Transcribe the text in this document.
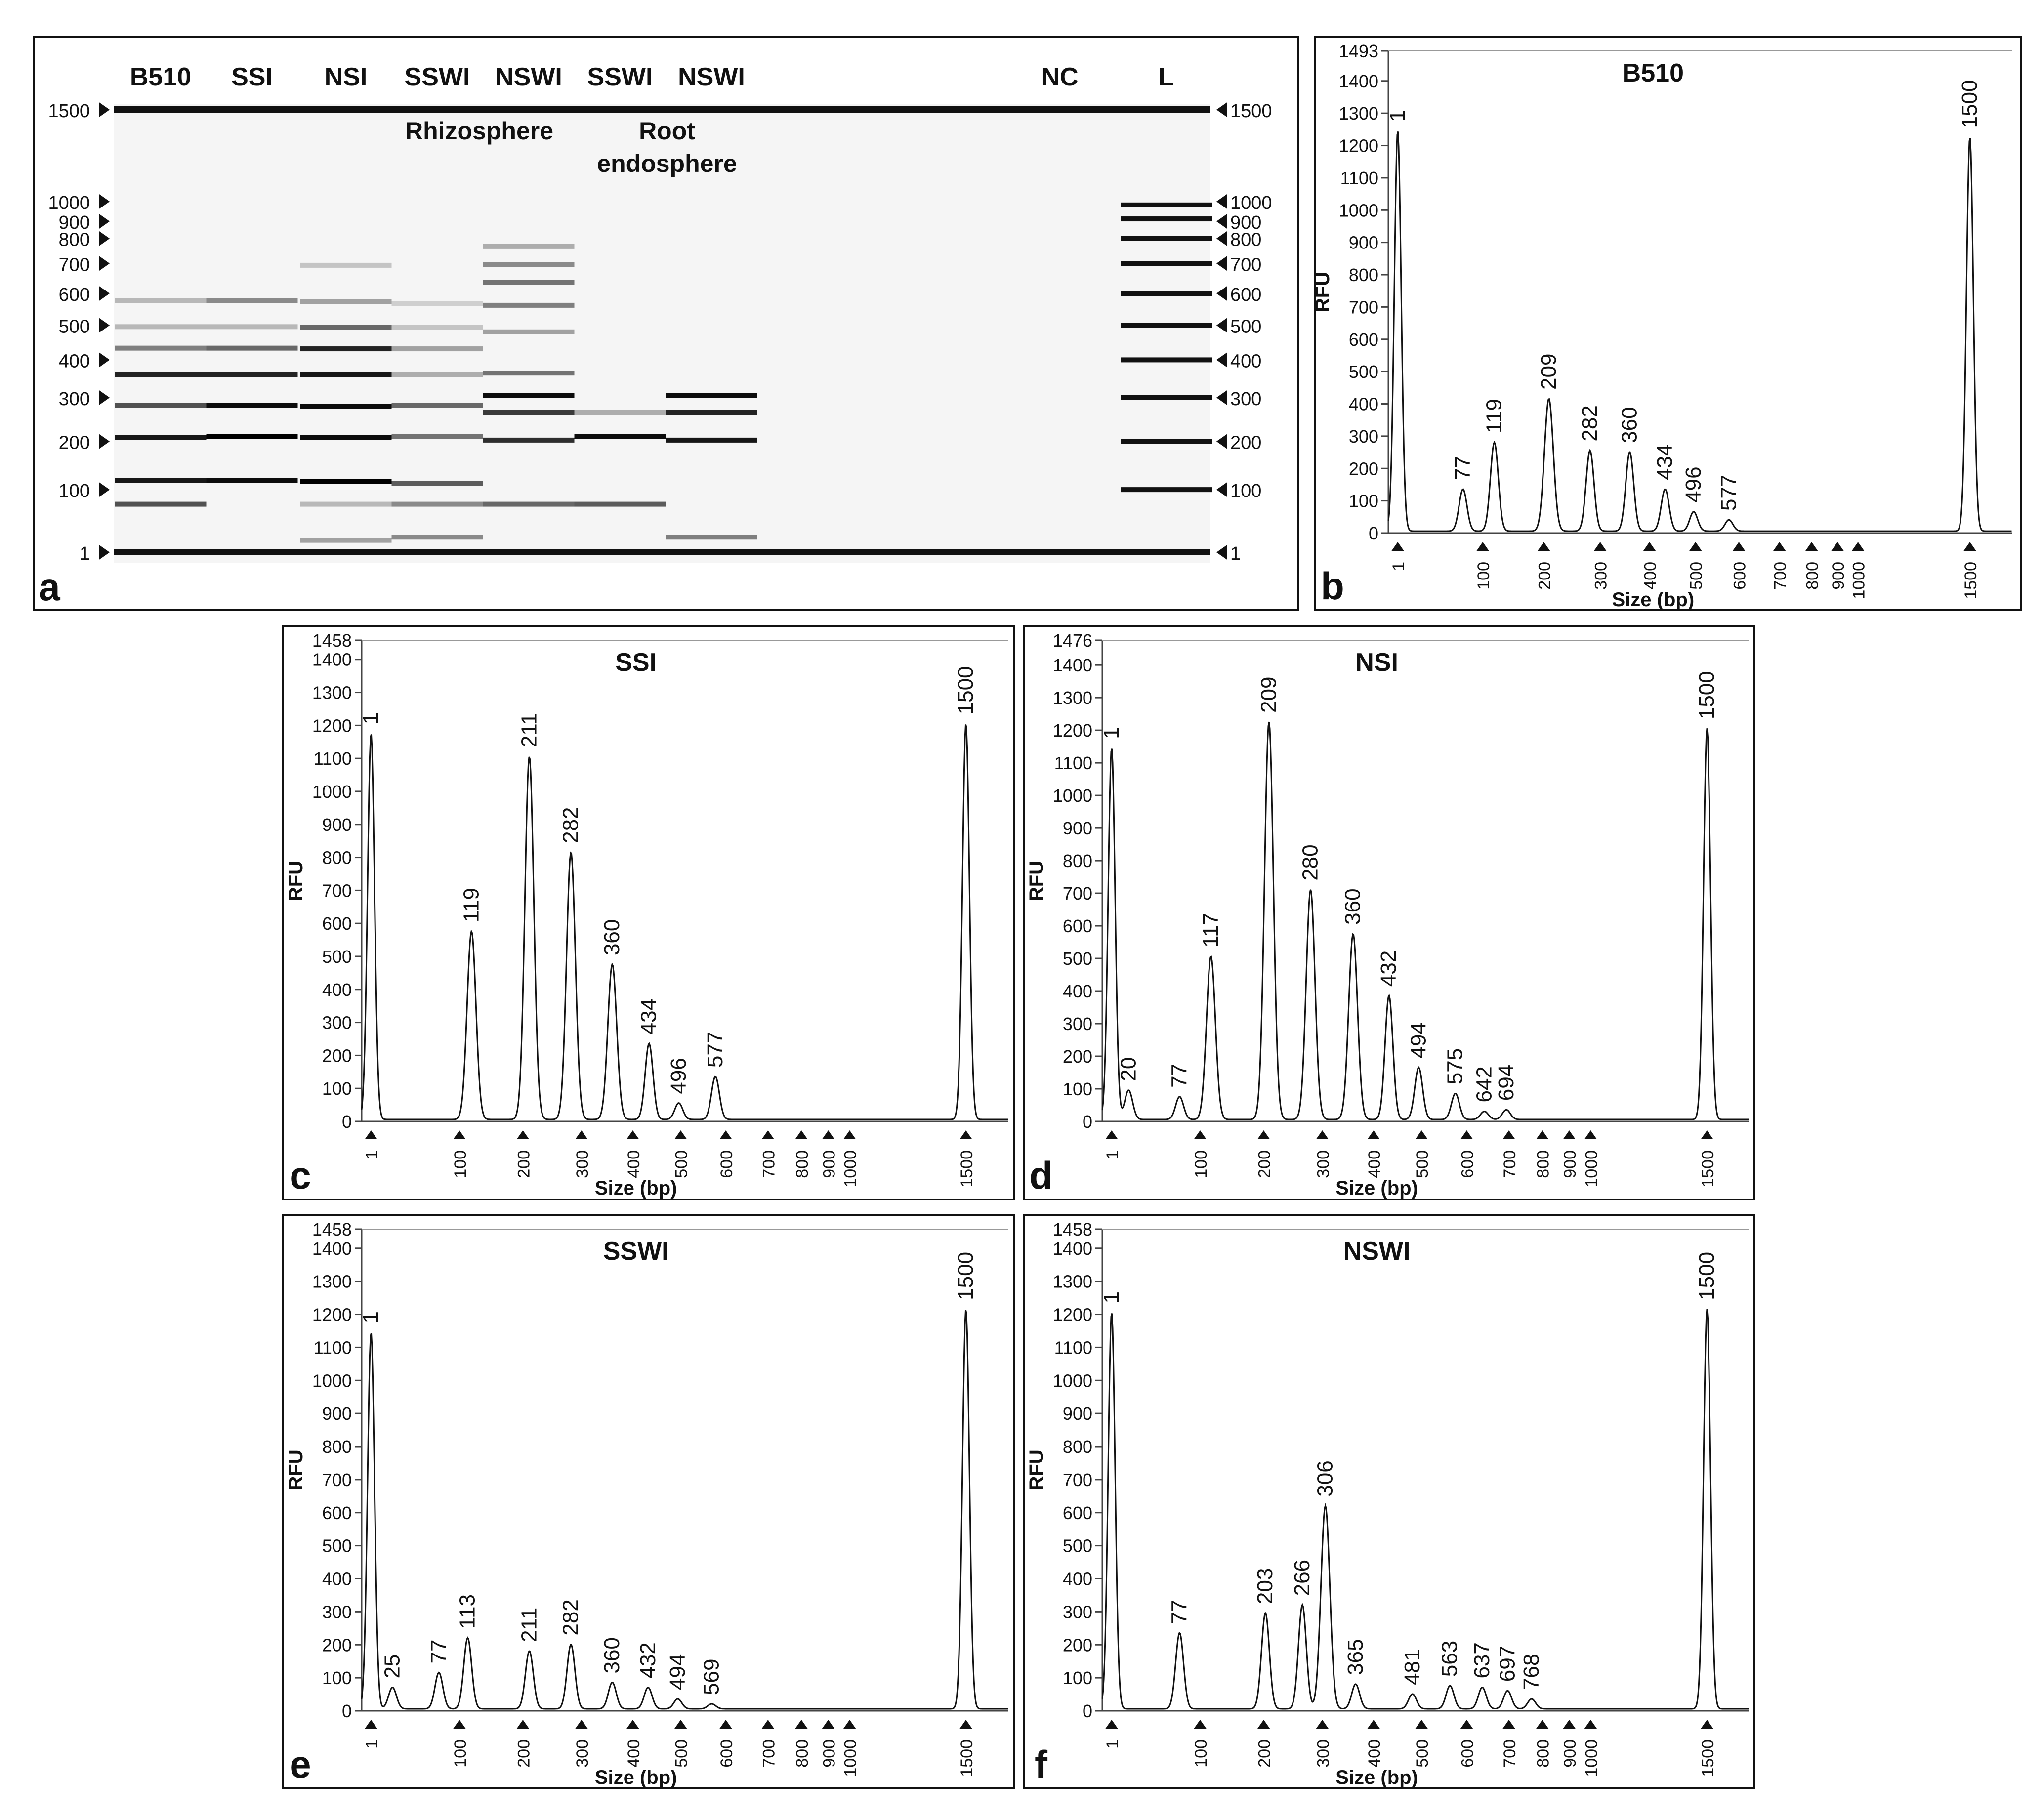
B510 SSI NSI SSWI NSWI SSWI NSWI	NC	L
Rhizosphere	Root
endosphere
1500	1500
1000	1000
900	900
800	800
700	700
600	600
500	500
400	400
300	300
200	200
100	100
1	1
a
0
100
200
300
400
500
600
700
800
900
1000
1100
1200
1300
1400
1493
RFU
B510
1	100	200 300 400 500 600 700 800 900 1000	1500
Size (bp)
1
77
119
209
282 360
434
496 577
1500
b
0
100
200
300
400
500
600
700
800
900
1000
1100
1200
1300
1400
1458
RFU
SSI
1	100	200 300 400 500 600 700 800 900 1000	1500
Size (bp)
1
119
211
282
360
434
496
577
1500
c
0
100
200
300
400
500
600
700
800
900
1000
1100
1200
1300
1400
1476
RFU
NSI
1	100	200 300 400 500 600 700 800 900 1000	1500
Size (bp)
1
20 77
117
209
280
360
432
494
575 642
694
1500
d
0
100
200
300
400
500
600
700
800
900
1000
1100
1200
1300
1400
1458
RFU
SSWI
1	100	200 300 400 500 600 700 800 900 1000	1500
Size (bp)
1
25
77
113 211 282
360 432 494 569
1500
e
0
100
200
300
400
500
600
700
800
900
1000
1100
1200
1300
1400
1458
RFU
NSWI
1	100	200 300 400 500 600 700 800 900 1000	1500
Size (bp)
1
77
203 266
306
365 481 563 637 697 768
1500
f
